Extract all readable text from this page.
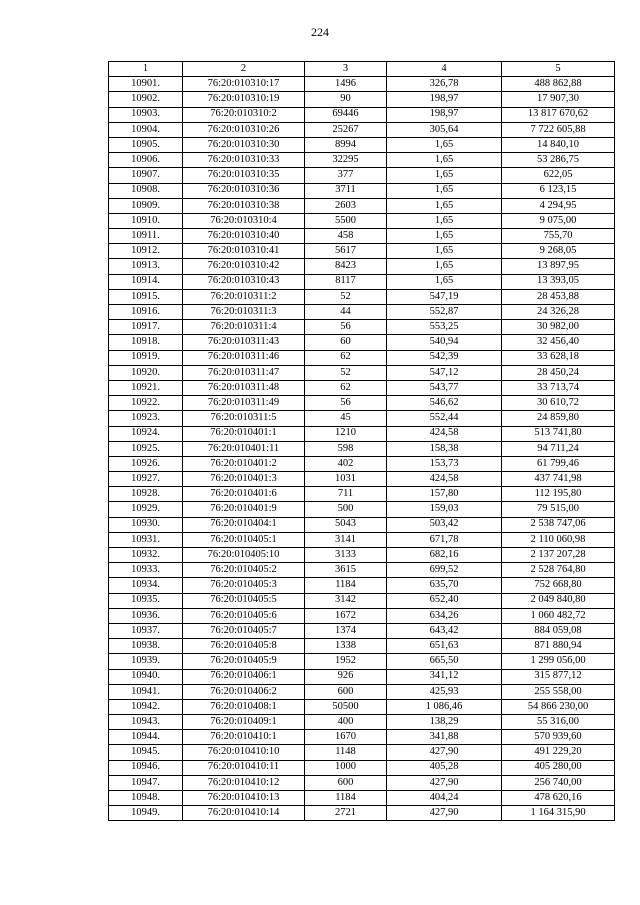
224
1	2	3	4	5
10901.	76:20:010310:17	1496	326,78	488 862,88
10902.	76:20:010310:19	90	198,97	17 907,30
10903.	76:20:010310:2	69446	198,97	13 817 670,62
10904.	76:20:010310:26	25267	305,64	7 722 605,88
10905.	76:20:010310:30	8994	1,65	14 840,10
10906.	76:20:010310:33	32295	1,65	53 286,75
10907.	76:20:010310:35	377	1,65	622,05
10908.	76:20:010310:36	3711	1,65	6 123,15
10909.	76:20:010310:38	2603	1,65	4 294,95
10910.	76:20:010310:4	5500	1,65	9 075,00
10911.	76:20:010310:40	458	1,65	755,70
10912.	76:20:010310:41	5617	1,65	9 268,05
10913.	76:20:010310:42	8423	1,65	13 897,95
10914.	76:20:010310:43	8117	1,65	13 393,05
10915.	76:20:010311:2	52	547,19	28 453,88
10916.	76:20:010311:3	44	552,87	24 326,28
10917.	76:20:010311:4	56	553,25	30 982,00
10918.	76:20:010311:43	60	540,94	32 456,40
10919.	76:20:010311:46	62	542,39	33 628,18
10920.	76:20:010311:47	52	547,12	28 450,24
10921.	76:20:010311:48	62	543,77	33 713,74
10922.	76:20:010311:49	56	546,62	30 610,72
10923.	76:20:010311:5	45	552,44	24 859,80
10924.	76:20:010401:1	1210	424,58	513 741,80
10925.	76:20:010401:11	598	158,38	94 711,24
10926.	76:20:010401:2	402	153,73	61 799,46
10927.	76:20:010401:3	1031	424,58	437 741,98
10928.	76:20:010401:6	711	157,80	112 195,80
10929.	76:20:010401:9	500	159,03	79 515,00
10930.	76:20:010404:1	5043	503,42	2 538 747,06
10931.	76:20:010405:1	3141	671,78	2 110 060,98
10932.	76:20:010405:10	3133	682,16	2 137 207,28
10933.	76:20:010405:2	3615	699,52	2 528 764,80
10934.	76:20:010405:3	1184	635,70	752 668,80
10935.	76:20:010405:5	3142	652,40	2 049 840,80
10936.	76:20:010405:6	1672	634,26	1 060 482,72
10937.	76:20:010405:7	1374	643,42	884 059,08
10938.	76:20:010405:8	1338	651,63	871 880,94
10939.	76:20:010405:9	1952	665,50	1 299 056,00
10940.	76:20:010406:1	926	341,12	315 877,12
10941.	76:20:010406:2	600	425,93	255 558,00
10942.	76:20:010408:1	50500	1 086,46	54 866 230,00
10943.	76:20:010409:1	400	138,29	55 316,00
10944.	76:20:010410:1	1670	341,88	570 939,60
10945.	76:20:010410:10	1148	427,90	491 229,20
10946.	76:20:010410:11	1000	405,28	405 280,00
10947.	76:20:010410:12	600	427,90	256 740,00
10948.	76:20:010410:13	1184	404,24	478 620,16
10949.	76:20:010410:14	2721	427,90	1 164 315,90
